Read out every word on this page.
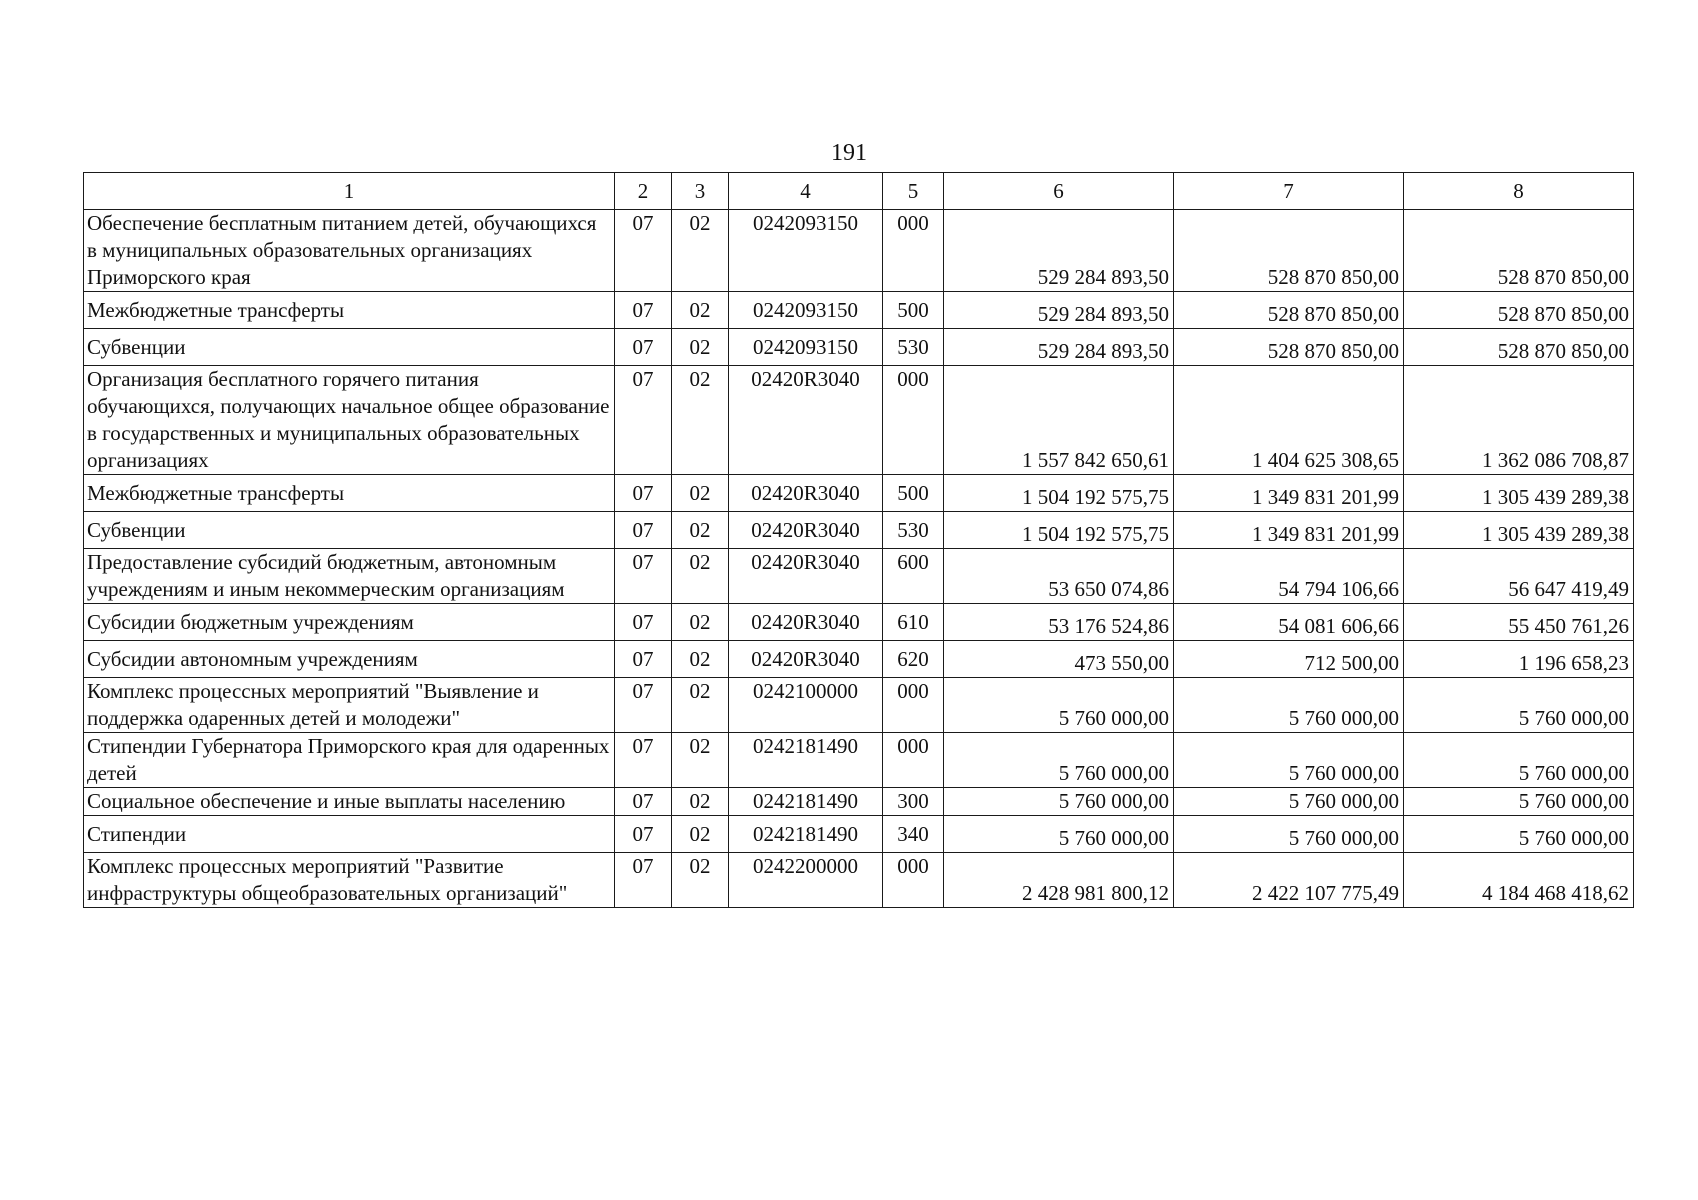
191
1	2	3	4	5	6	7	8
Обеспечение бесплатным питанием детей, обучающихся в муниципальных образовательных организациях Приморского края	07	02	0242093150	000	529 284 893,50	528 870 850,00	528 870 850,00
Межбюджетные трансферты	07	02	0242093150	500	529 284 893,50	528 870 850,00	528 870 850,00
Субвенции	07	02	0242093150	530	529 284 893,50	528 870 850,00	528 870 850,00
Организация бесплатного горячего питания обучающихся, получающих начальное общее образование в государственных и муниципальных образовательных организациях	07	02	02420R3040	000	1 557 842 650,61	1 404 625 308,65	1 362 086 708,87
Межбюджетные трансферты	07	02	02420R3040	500	1 504 192 575,75	1 349 831 201,99	1 305 439 289,38
Субвенции	07	02	02420R3040	530	1 504 192 575,75	1 349 831 201,99	1 305 439 289,38
Предоставление субсидий бюджетным, автономным учреждениям и иным некоммерческим организациям	07	02	02420R3040	600	53 650 074,86	54 794 106,66	56 647 419,49
Субсидии бюджетным учреждениям	07	02	02420R3040	610	53 176 524,86	54 081 606,66	55 450 761,26
Субсидии автономным учреждениям	07	02	02420R3040	620	473 550,00	712 500,00	1 196 658,23
Комплекс процессных мероприятий "Выявление и поддержка одаренных детей и молодежи"	07	02	0242100000	000	5 760 000,00	5 760 000,00	5 760 000,00
Стипендии Губернатора Приморского края для одаренных детей	07	02	0242181490	000	5 760 000,00	5 760 000,00	5 760 000,00
Социальное обеспечение и иные выплаты населению	07	02	0242181490	300	5 760 000,00	5 760 000,00	5 760 000,00
Стипендии	07	02	0242181490	340	5 760 000,00	5 760 000,00	5 760 000,00
Комплекс процессных мероприятий "Развитие инфраструктуры общеобразовательных организаций"	07	02	0242200000	000	2 428 981 800,12	2 422 107 775,49	4 184 468 418,62
